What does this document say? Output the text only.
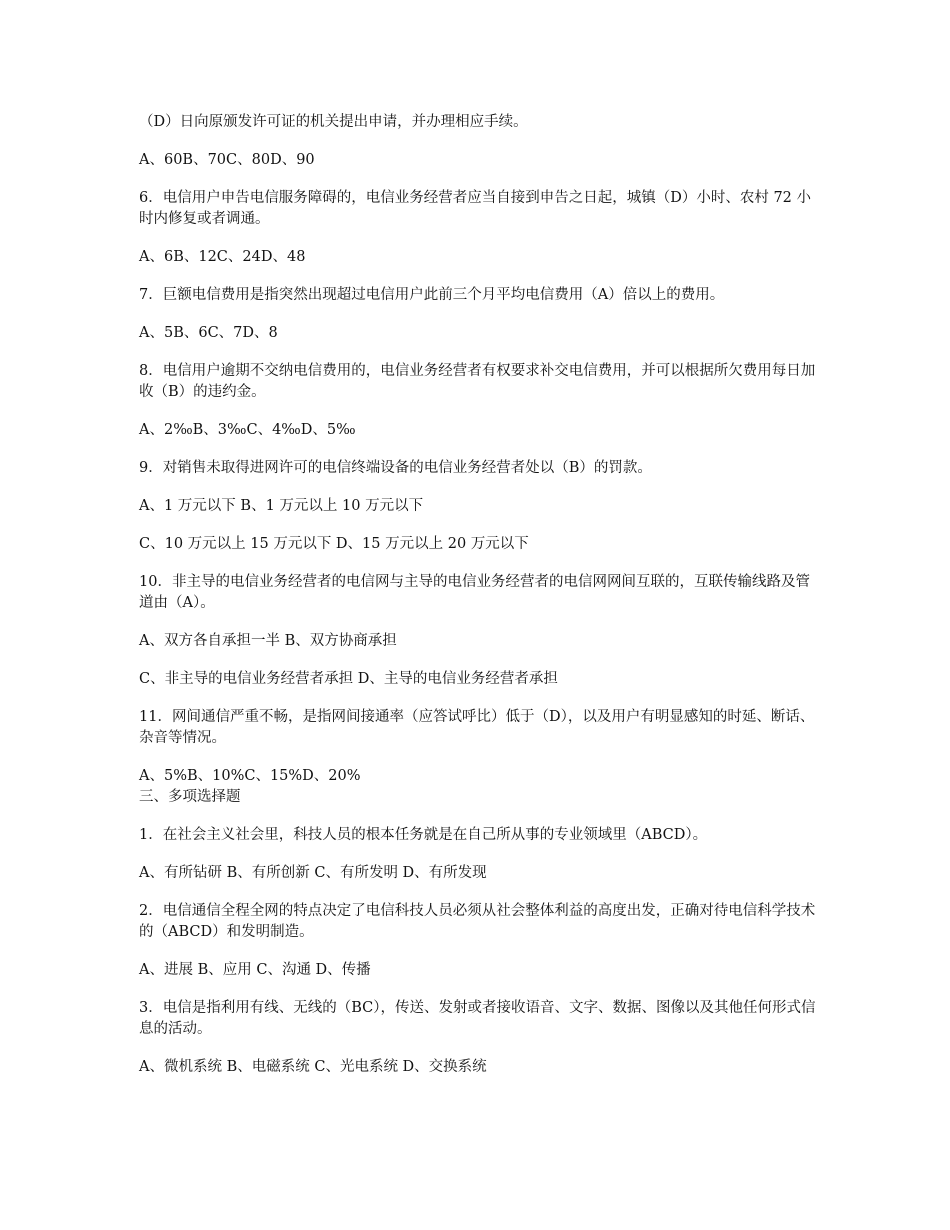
（D）日向原颁发许可证的机关提出申请，并办理相应手续。

A、60B、70C、80D、90

6．电信用户申告电信服务障碍的，电信业务经营者应当自接到申告之日起，城镇（D）小时、农村 72 小时内修复或者调通。

A、6B、12C、24D、48

7．巨额电信费用是指突然出现超过电信用户此前三个月平均电信费用（A）倍以上的费用。

A、5B、6C、7D、8

8．电信用户逾期不交纳电信费用的，电信业务经营者有权要求补交电信费用，并可以根据所欠费用每日加收（B）的违约金。

A、2‰B、3‰C、4‰D、5‰

9．对销售未取得进网许可的电信终端设备的电信业务经营者处以（B）的罚款。

A、1 万元以下 B、1 万元以上 10 万元以下

C、10 万元以上 15 万元以下 D、15 万元以上 20 万元以下

10．非主导的电信业务经营者的电信网与主导的电信业务经营者的电信网网间互联的，互联传输线路及管道由（A）。

A、双方各自承担一半 B、双方协商承担

C、非主导的电信业务经营者承担 D、主导的电信业务经营者承担

11．网间通信严重不畅，是指网间接通率（应答试呼比）低于（D），以及用户有明显感知的时延、断话、杂音等情况。

A、5%B、10%C、15%D、20%

三、多项选择题

1．在社会主义社会里，科技人员的根本任务就是在自己所从事的专业领域里（ABCD）。

A、有所钻研 B、有所创新 C、有所发明 D、有所发现

2．电信通信全程全网的特点决定了电信科技人员必须从社会整体利益的高度出发，正确对待电信科学技术的（ABCD）和发明制造。

A、进展 B、应用 C、沟通 D、传播

3．电信是指利用有线、无线的（BC），传送、发射或者接收语音、文字、数据、图像以及其他任何形式信息的活动。

A、微机系统 B、电磁系统 C、光电系统 D、交换系统
